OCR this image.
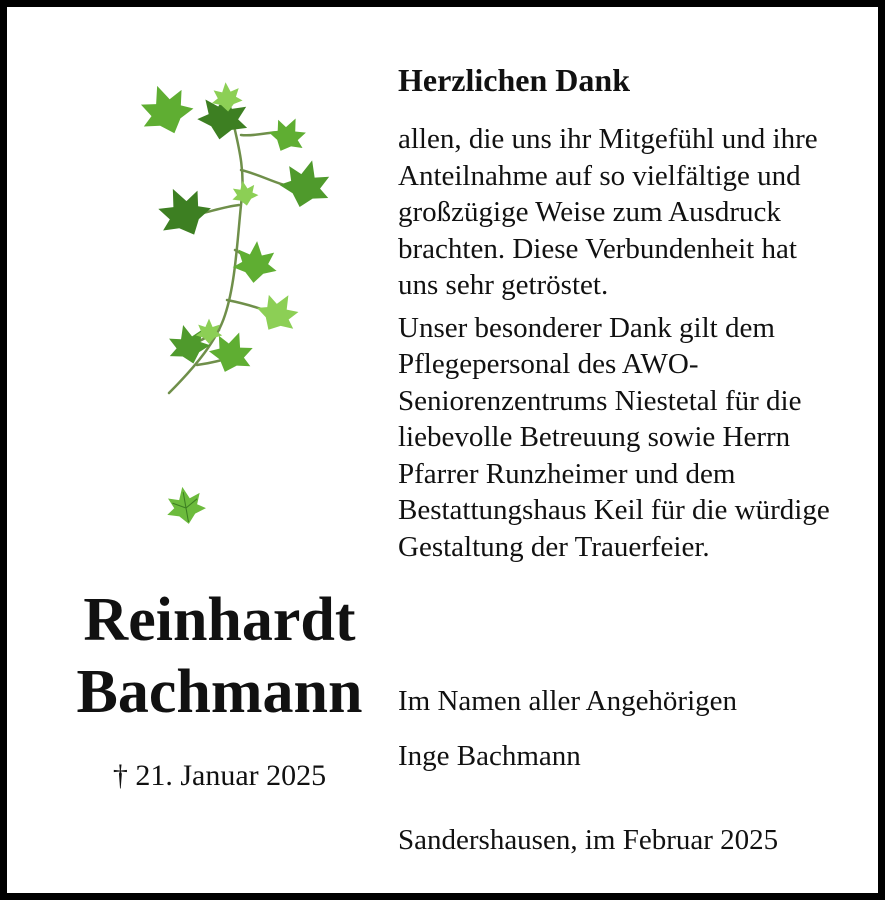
Reinhardt

Bachmann

† 21. Januar 2025

Herzlichen Dank

allen, die uns ihr Mitgefühl und ihre Anteilnahme auf so vielfältige und großzügige Weise zum Ausdruck brachten. Diese Verbundenheit hat uns sehr getröstet.

Unser besonderer Dank gilt dem Pflegepersonal des AWO-Seniorenzentrums Niestetal für die liebevolle Betreuung sowie Herrn Pfarrer Runzheimer und dem Bestattungshaus Keil für die würdige Gestaltung der Trauerfeier.

Im Namen aller Angehörigen

Inge Bachmann

Sandershausen, im Februar 2025
